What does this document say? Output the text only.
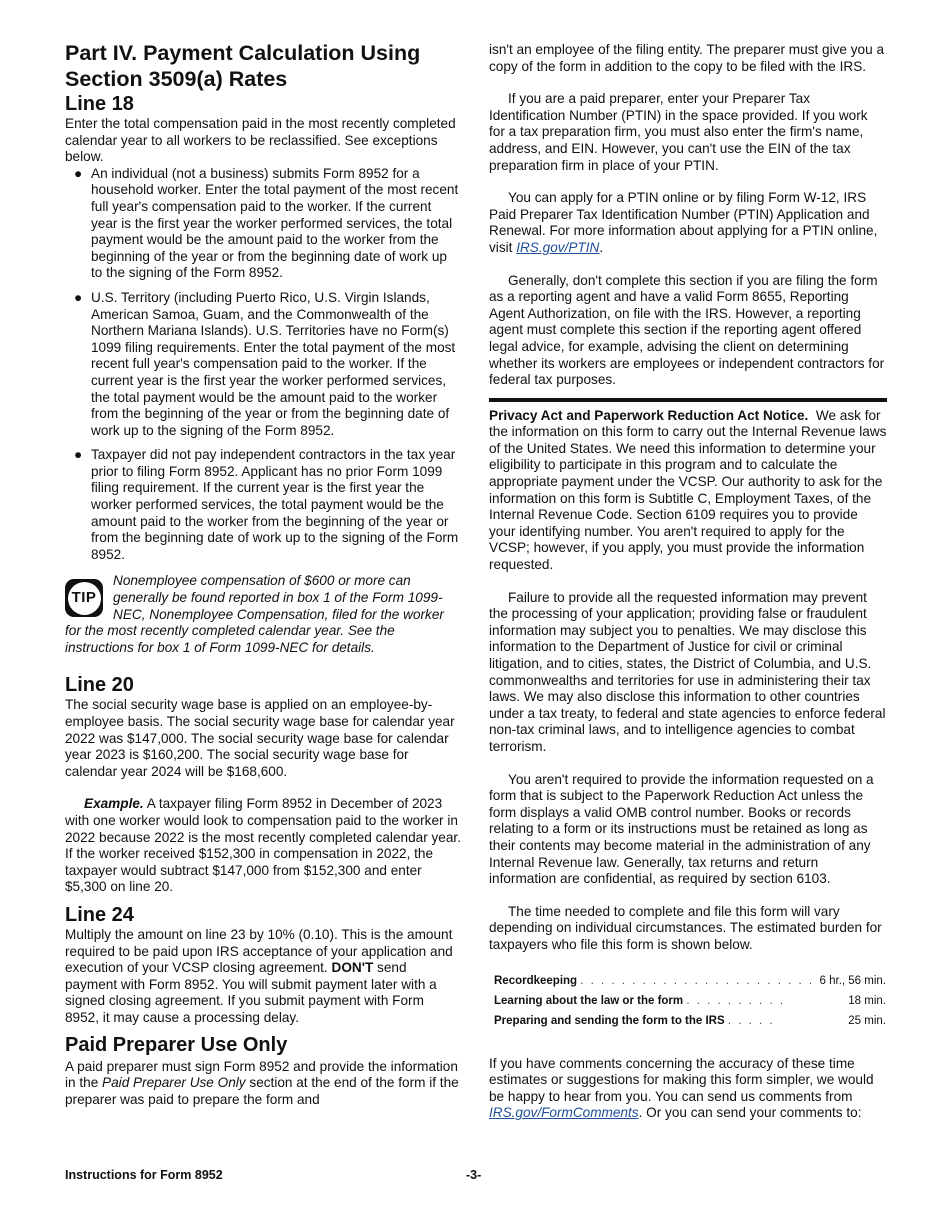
Part IV. Payment Calculation Using Section 3509(a) Rates
Line 18

Enter the total compensation paid in the most recently completed calendar year to all workers to be reclassified. See exceptions below.

● An individual (not a business) submits Form 8952 for a household worker. Enter the total payment of the most recent full year's compensation paid to the worker. If the current year is the first year the worker performed services, the total payment would be the amount paid to the worker from the beginning of the year or from the beginning date of work up to the signing of the Form 8952.
● U.S. Territory (including Puerto Rico, U.S. Virgin Islands, American Samoa, Guam, and the Commonwealth of the Northern Mariana Islands). U.S. Territories have no Form(s) 1099 filing requirements. Enter the total payment of the most recent full year's compensation paid to the worker. If the current year is the first year the worker performed services, the total payment would be the amount paid to the worker from the beginning of the year or from the beginning date of work up to the signing of the Form 8952.
● Taxpayer did not pay independent contractors in the tax year prior to filing Form 8952. Applicant has no prior Form 1099 filing requirement. If the current year is the first year the worker performed services, the total payment would be the amount paid to the worker from the beginning of the year or from the beginning date of work up to the signing of the Form 8952.
TIP
Nonemployee compensation of $600 or more can generally be found reported in box 1 of the Form 1099-NEC, Nonemployee Compensation, filed for the worker for the most recently completed calendar year. See the instructions for box 1 of Form 1099-NEC for details.
Line 20

The social security wage base is applied on an employee-by-employee basis. The social security wage base for calendar year 2022 was $147,000. The social security wage base for calendar year 2023 is $160,200. The social security wage base for calendar year 2024 will be $168,600.

Example. A taxpayer filing Form 8952 in December of 2023 with one worker would look to compensation paid to the worker in 2022 because 2022 is the most recently completed calendar year. If the worker received $152,300 in compensation in 2022, the taxpayer would subtract $147,000 from $152,300 and enter $5,300 on line 20.

Line 24

Multiply the amount on line 23 by 10% (0.10). This is the amount required to be paid upon IRS acceptance of your application and execution of your VCSP closing agreement. DON'T send payment with Form 8952. You will submit payment later with a signed closing agreement. If you submit payment with Form 8952, it may cause a processing delay.

Paid Preparer Use Only

A paid preparer must sign Form 8952 and provide the information in the Paid Preparer Use Only section at the end of the form if the preparer was paid to prepare the form and

isn't an employee of the filing entity. The preparer must give you a copy of the form in addition to the copy to be filed with the IRS.

If you are a paid preparer, enter your Preparer Tax Identification Number (PTIN) in the space provided. If you work for a tax preparation firm, you must also enter the firm's name, address, and EIN. However, you can't use the EIN of the tax preparation firm in place of your PTIN.

You can apply for a PTIN online or by filing Form W-12, IRS Paid Preparer Tax Identification Number (PTIN) Application and Renewal. For more information about applying for a PTIN online, visit IRS.gov/PTIN.

Generally, don't complete this section if you are filing the form as a reporting agent and have a valid Form 8655, Reporting Agent Authorization, on file with the IRS. However, a reporting agent must complete this section if the reporting agent offered legal advice, for example, advising the client on determining whether its workers are employees or independent contractors for federal tax purposes.

Privacy Act and Paperwork Reduction Act Notice. We ask for the information on this form to carry out the Internal Revenue laws of the United States. We need this information to determine your eligibility to participate in this program and to calculate the appropriate payment under the VCSP. Our authority to ask for the information on this form is Subtitle C, Employment Taxes, of the Internal Revenue Code. Section 6109 requires you to provide your identifying number. You aren't required to apply for the VCSP; however, if you apply, you must provide the information requested.

Failure to provide all the requested information may prevent the processing of your application; providing false or fraudulent information may subject you to penalties. We may disclose this information to the Department of Justice for civil or criminal litigation, and to cities, states, the District of Columbia, and U.S. commonwealths and territories for use in administering their tax laws. We may also disclose this information to other countries under a tax treaty, to federal and state agencies to enforce federal non-tax criminal laws, and to intelligence agencies to combat terrorism.

You aren't required to provide the information requested on a form that is subject to the Paperwork Reduction Act unless the form displays a valid OMB control number. Books or records relating to a form or its instructions must be retained as long as their contents may become material in the administration of any Internal Revenue law. Generally, tax returns and return information are confidential, as required by section 6103.

The time needed to complete and file this form will vary depending on individual circumstances. The estimated burden for taxpayers who file this form is shown below.

Recordkeeping . . . . . . . . . . . . . . . . . . . . . . .	6 hr., 56 min.
Learning about the law or the form . . . . . . . . . .	18 min.
Preparing and sending the form to the IRS . . . . .	25 min.

If you have comments concerning the accuracy of these time estimates or suggestions for making this form simpler, we would be happy to hear from you. You can send us comments from IRS.gov/FormComments. Or you can send your comments to:

Instructions for Form 8952	-3-
